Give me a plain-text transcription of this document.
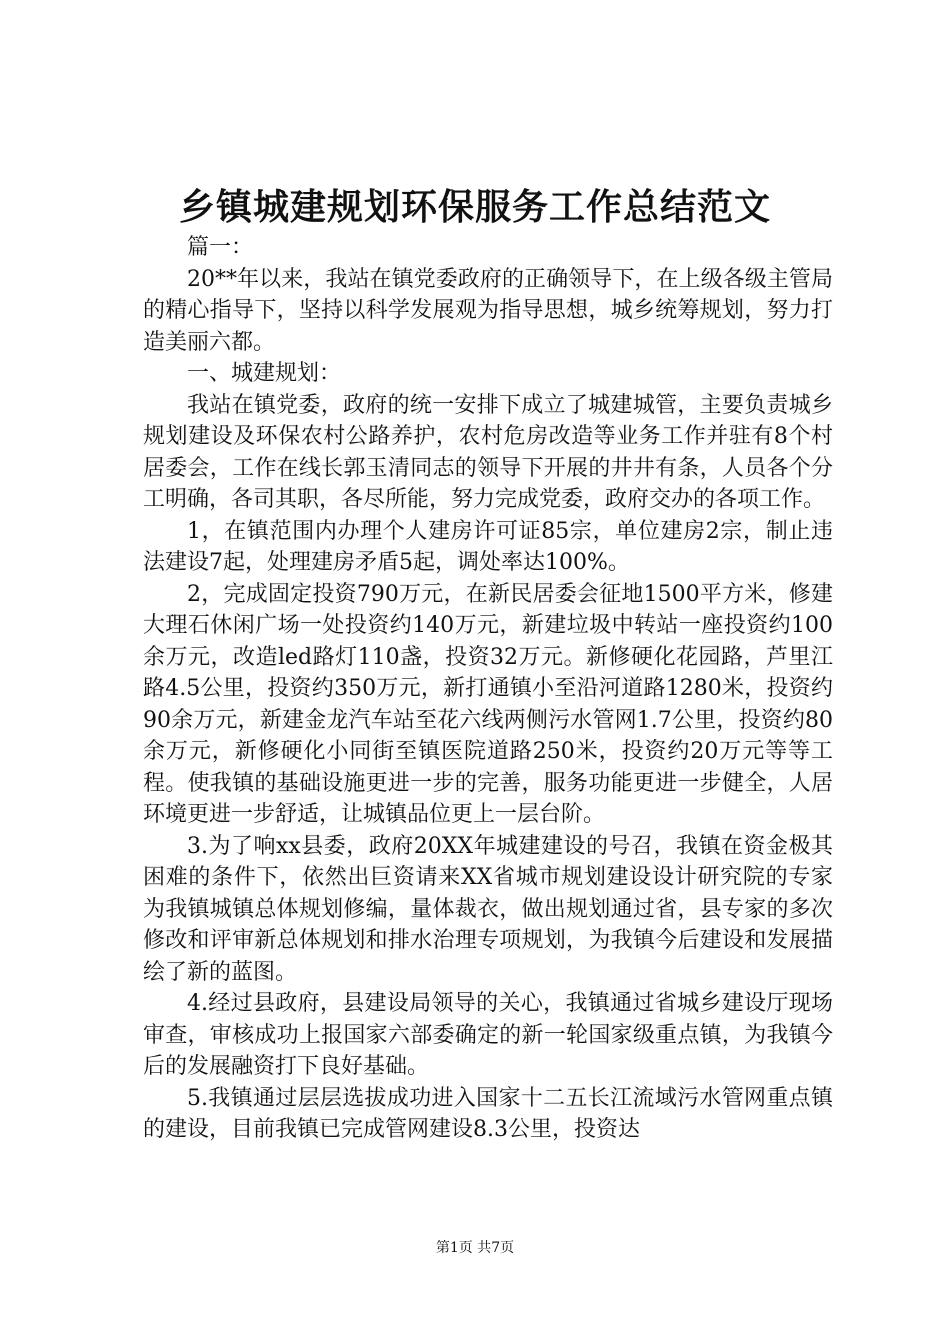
乡镇城建规划环保服务工作总结范文

篇一：

20**年以来，我站在镇党委政府的正确领导下，在上级各级主管局的精心指导下，坚持以科学发展观为指导思想，城乡统筹规划，努力打造美丽六都。

一、城建规划：

我站在镇党委，政府的统一安排下成立了城建城管，主要负责城乡规划建设及环保农村公路养护，农村危房改造等业务工作并驻有8个村居委会，工作在线长郭玉清同志的领导下开展的井井有条，人员各个分工明确，各司其职，各尽所能，努力完成党委，政府交办的各项工作。

1，在镇范围内办理个人建房许可证85宗，单位建房2宗，制止违法建设7起，处理建房矛盾5起，调处率达100%。

2，完成固定投资790万元，在新民居委会征地1500平方米，修建大理石休闲广场一处投资约140万元，新建垃圾中转站一座投资约100余万元，改造led路灯110盏，投资32万元。新修硬化花园路，芦里江路4.5公里，投资约350万元，新打通镇小至沿河道路1280米，投资约90余万元，新建金龙汽车站至花六线两侧污水管网1.7公里，投资约80余万元，新修硬化小同街至镇医院道路250米，投资约20万元等等工程。使我镇的基础设施更进一步的完善，服务功能更进一步健全，人居环境更进一步舒适，让城镇品位更上一层台阶。

3.为了响xx县委，政府20XX年城建建设的号召，我镇在资金极其困难的条件下，依然出巨资请来XX省城市规划建设设计研究院的专家为我镇城镇总体规划修编，量体裁衣，做出规划通过省，县专家的多次修改和评审新总体规划和排水治理专项规划，为我镇今后建设和发展描绘了新的蓝图。

4.经过县政府，县建设局领导的关心，我镇通过省城乡建设厅现场审查，审核成功上报国家六部委确定的新一轮国家级重点镇，为我镇今后的发展融资打下良好基础。

5.我镇通过层层选拔成功进入国家十二五长江流域污水管网重点镇的建设，目前我镇已完成管网建设8.3公里，投资达

第1页 共7页
